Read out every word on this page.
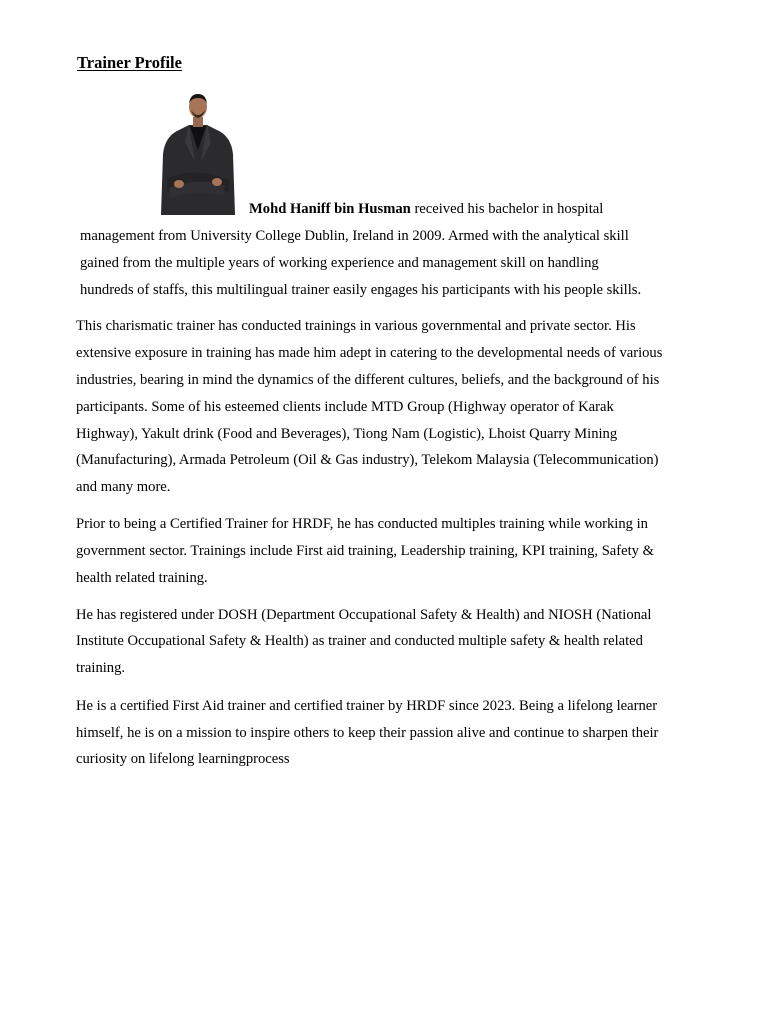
Trainer Profile

Mohd Haniff bin Husman received his bachelor in hospital

management from University College Dublin, Ireland in 2009. Armed with the analytical skill

gained from the multiple years of working experience and management skill on handling

hundreds of staffs, this multilingual trainer easily engages his participants with his people skills.

This charismatic trainer has conducted trainings in various governmental and private sector. His

extensive exposure in training has made him adept in catering to the developmental needs of various

industries, bearing in mind the dynamics of the different cultures, beliefs, and the background of his

participants. Some of his esteemed clients include MTD Group (Highway operator of Karak

Highway), Yakult drink (Food and Beverages), Tiong Nam (Logistic), Lhoist Quarry Mining

(Manufacturing), Armada Petroleum (Oil & Gas industry), Telekom Malaysia (Telecommunication)

and many more.

Prior to being a Certified Trainer for HRDF, he has conducted multiples training while working in

government sector. Trainings include First aid training, Leadership training, KPI training, Safety &

health related training.

He has registered under DOSH (Department Occupational Safety & Health) and NIOSH (National

Institute Occupational Safety & Health) as trainer and conducted multiple safety & health related

training.

He is a certified First Aid trainer and certified trainer by HRDF since 2023. Being a lifelong learner

himself, he is on a mission to inspire others to keep their passion alive and continue to sharpen their

curiosity on lifelong learningprocess
